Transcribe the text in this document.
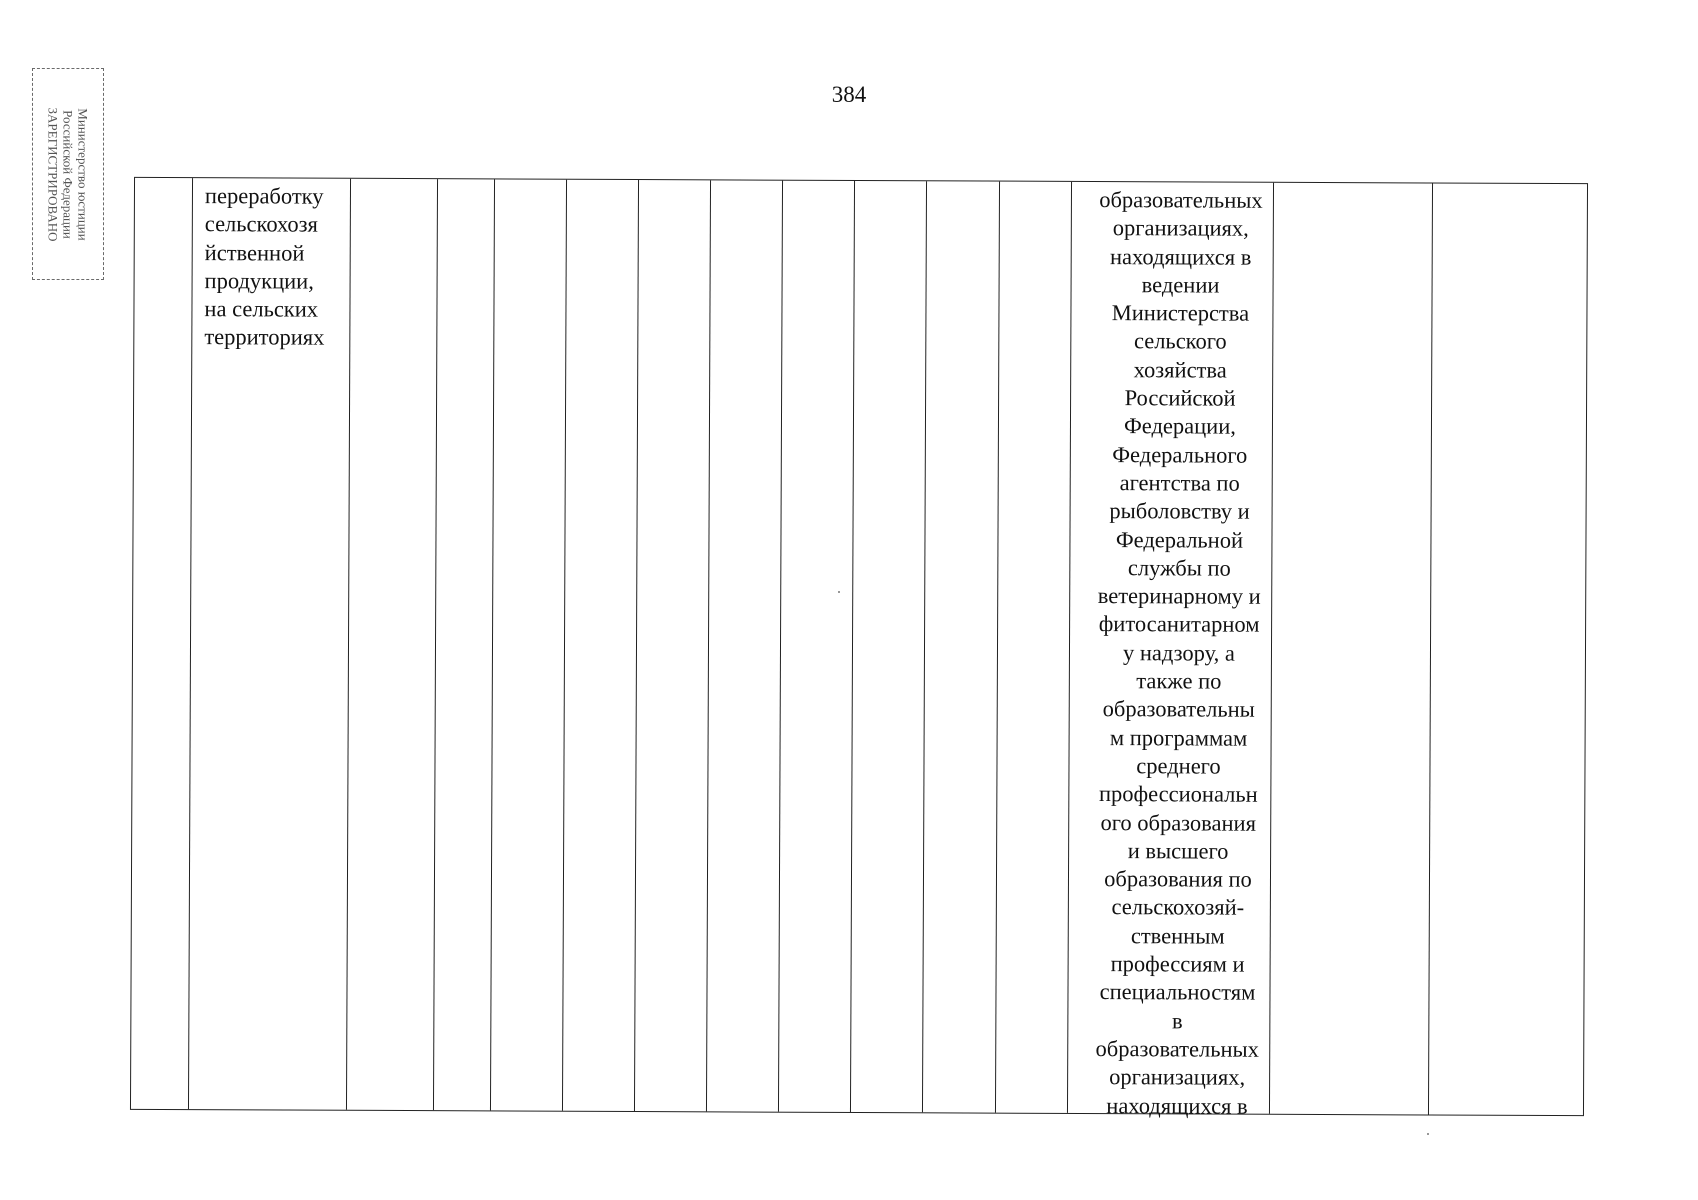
Министерство юстиции
Российской Федерации
ЗАРЕГИСТРИРОВАНО
384
переработку
сельскохозя
йственной
продукции,
на сельских
территориях
образовательных
организациях,
находящихся в
ведении
Министерства
сельского
хозяйства
Российской
Федерации,
Федерального
агентства по
рыболовству и
Федеральной
службы по
ветеринарному и
фитосанитарном
у надзору, а
также по
образовательны
м программам
среднего
профессиональн
ого образования
и высшего
образования по
сельскохозяй-
ственным
профессиям и
специальностям
в
образовательных
организациях,
находящихся в
